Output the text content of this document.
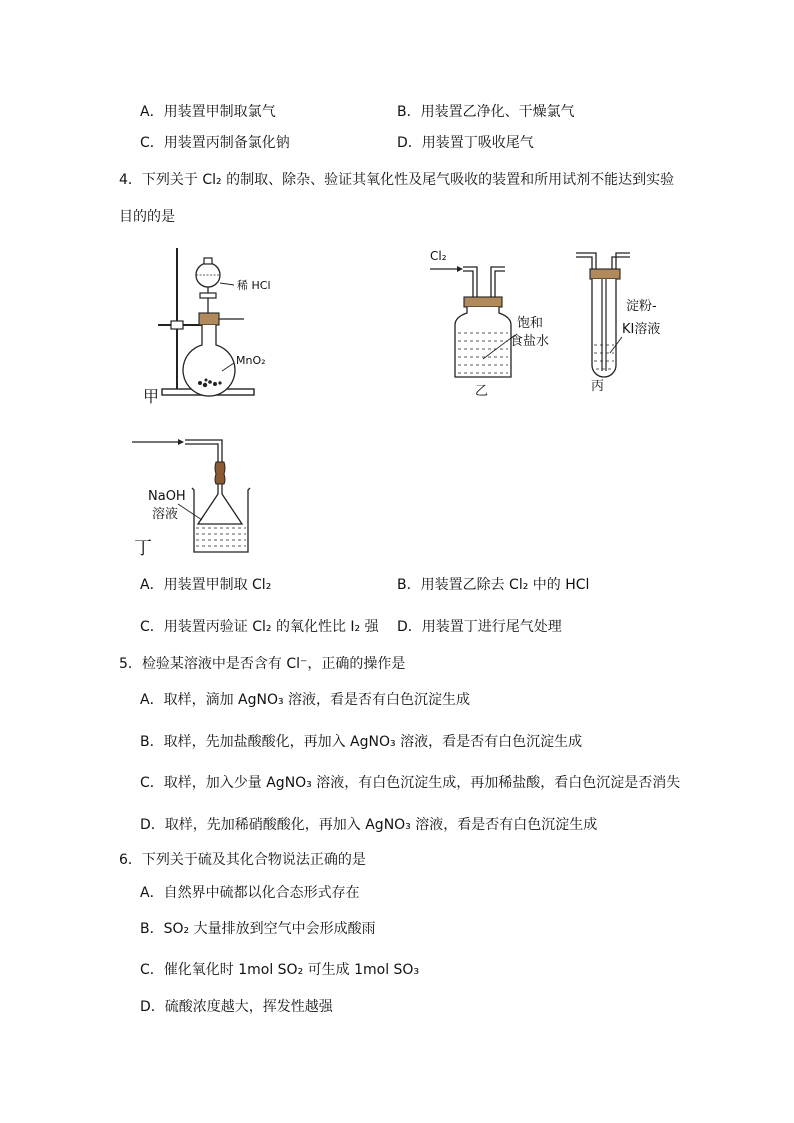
A．用装置甲制取氯气	B．用装置乙净化、干燥氯气
C．用装置丙制备氯化钠	D．用装置丁吸收尾气
4．下列关于 Cl₂ 的制取、除杂、验证其氧化性及尾气吸收的装置和所用试剂不能达到实验
目的的是
稀 HCl
MnO₂
甲
Cl₂
饱和
食盐水
乙
淀粉-
KI溶液
丙
NaOH
溶液
丁
A．用装置甲制取 Cl₂	B．用装置乙除去 Cl₂ 中的 HCl
C．用装置丙验证 Cl₂ 的氧化性比 I₂ 强 D．用装置丁进行尾气处理
5．检验某溶液中是否含有 Cl⁻，正确的操作是
A．取样，滴加 AgNO₃ 溶液，看是否有白色沉淀生成
B．取样，先加盐酸酸化，再加入 AgNO₃ 溶液，看是否有白色沉淀生成
C．取样，加入少量 AgNO₃ 溶液，有白色沉淀生成，再加稀盐酸，看白色沉淀是否消失
D．取样，先加稀硝酸酸化，再加入 AgNO₃ 溶液，看是否有白色沉淀生成
6．下列关于硫及其化合物说法正确的是
A．自然界中硫都以化合态形式存在
B．SO₂ 大量排放到空气中会形成酸雨
C．催化氧化时 1mol SO₂ 可生成 1mol SO₃
D．硫酸浓度越大，挥发性越强
